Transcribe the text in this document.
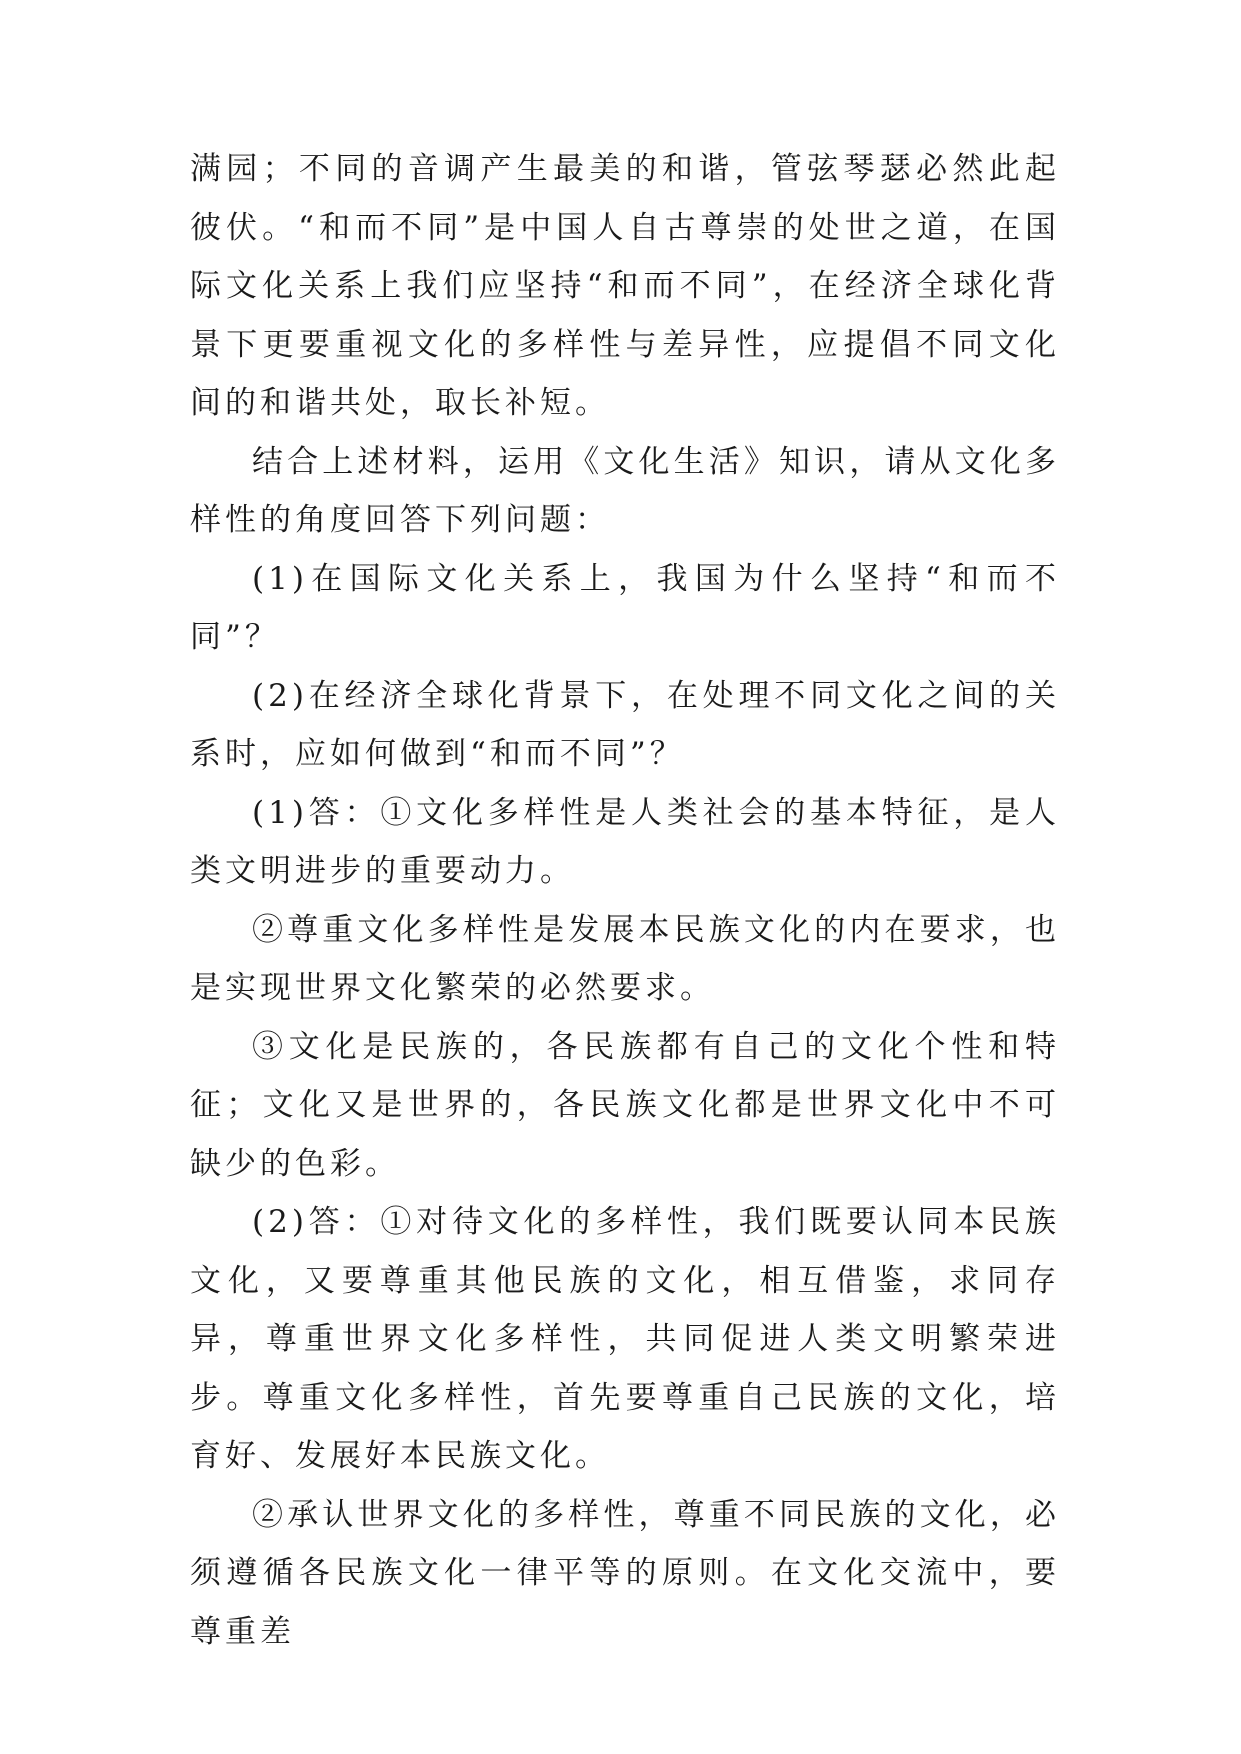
满园；不同的音调产生最美的和谐，管弦琴瑟必然此起彼伏。“和而不同”是中国人自古尊崇的处世之道，在国际文化关系上我们应坚持“和而不同”，在经济全球化背景下更要重视文化的多样性与差异性，应提倡不同文化间的和谐共处，取长补短。

结合上述材料，运用《文化生活》知识，请从文化多样性的角度回答下列问题：

(1)在国际文化关系上，我国为什么坚持“和而不同”？

(2)在经济全球化背景下，在处理不同文化之间的关系时，应如何做到“和而不同”？

(1)答：①文化多样性是人类社会的基本特征，是人类文明进步的重要动力。

②尊重文化多样性是发展本民族文化的内在要求，也是实现世界文化繁荣的必然要求。

③文化是民族的，各民族都有自己的文化个性和特征；文化又是世界的，各民族文化都是世界文化中不可缺少的色彩。

(2)答：①对待文化的多样性，我们既要认同本民族文化，又要尊重其他民族的文化，相互借鉴，求同存异，尊重世界文化多样性，共同促进人类文明繁荣进步。尊重文化多样性，首先要尊重自己民族的文化，培育好、发展好本民族文化。

②承认世界文化的多样性，尊重不同民族的文化，必须遵循各民族文化一律平等的原则。在文化交流中，要尊重差
